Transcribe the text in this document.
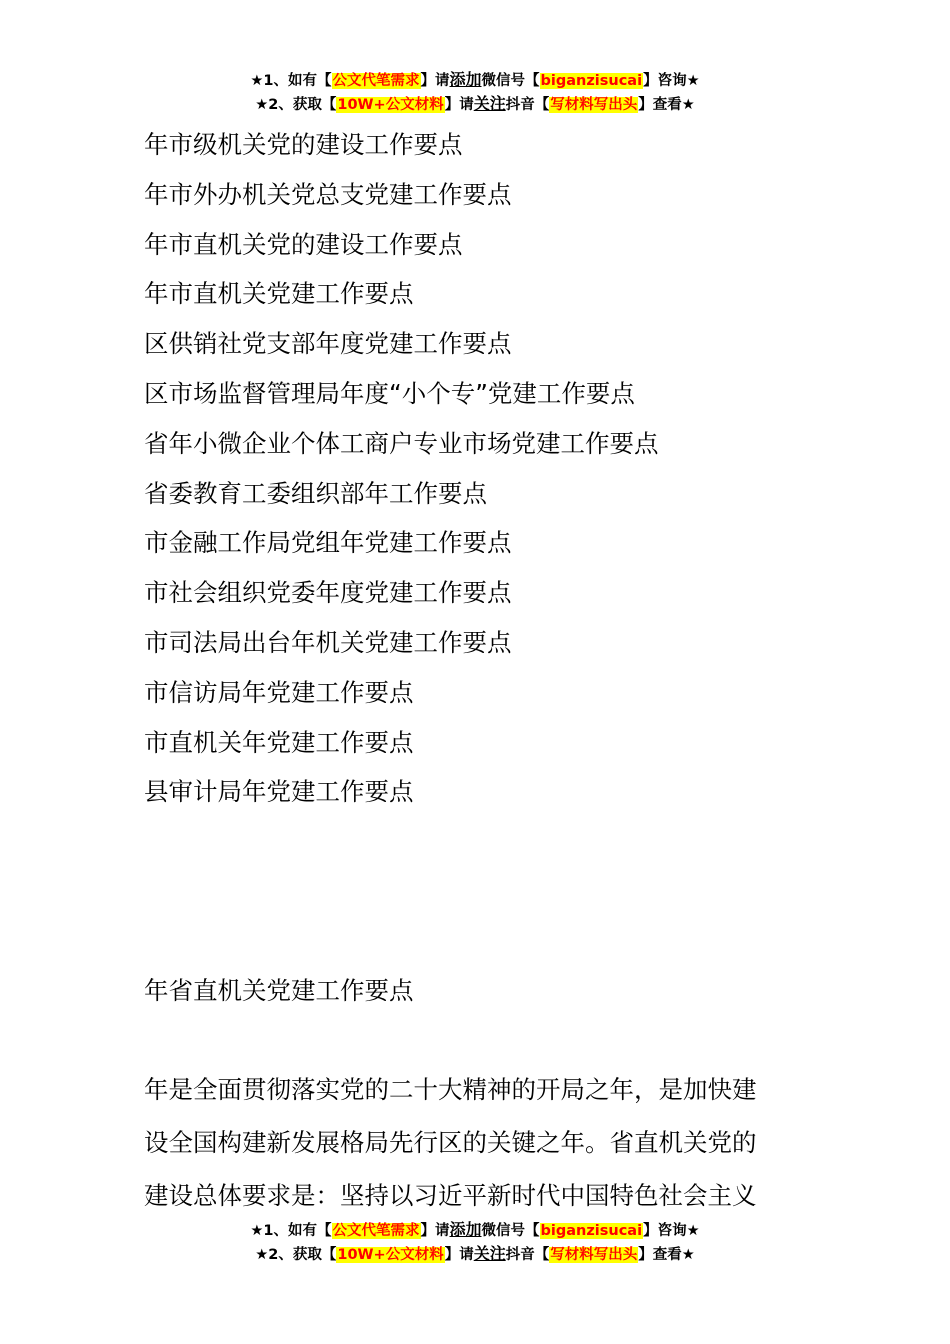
★1、如有【公文代笔需求】请添加微信号【biganzisucai】咨询★
★2、获取【10W+公文材料】请关注抖音【写材料写出头】查看★
年市级机关党的建设工作要点
年市外办机关党总支党建工作要点
年市直机关党的建设工作要点
年市直机关党建工作要点
区供销社党支部年度党建工作要点
区市场监督管理局年度“小个专”党建工作要点
省年小微企业个体工商户专业市场党建工作要点
省委教育工委组织部年工作要点
市金融工作局党组年党建工作要点
市社会组织党委年度党建工作要点
市司法局出台年机关党建工作要点
市信访局年党建工作要点
市直机关年党建工作要点
县审计局年党建工作要点
年省直机关党建工作要点
年是全面贯彻落实党的二十大精神的开局之年，是加快建
设全国构建新发展格局先行区的关键之年。省直机关党的
建设总体要求是：坚持以习近平新时代中国特色社会主义
★1、如有【公文代笔需求】请添加微信号【biganzisucai】咨询★
★2、获取【10W+公文材料】请关注抖音【写材料写出头】查看★
